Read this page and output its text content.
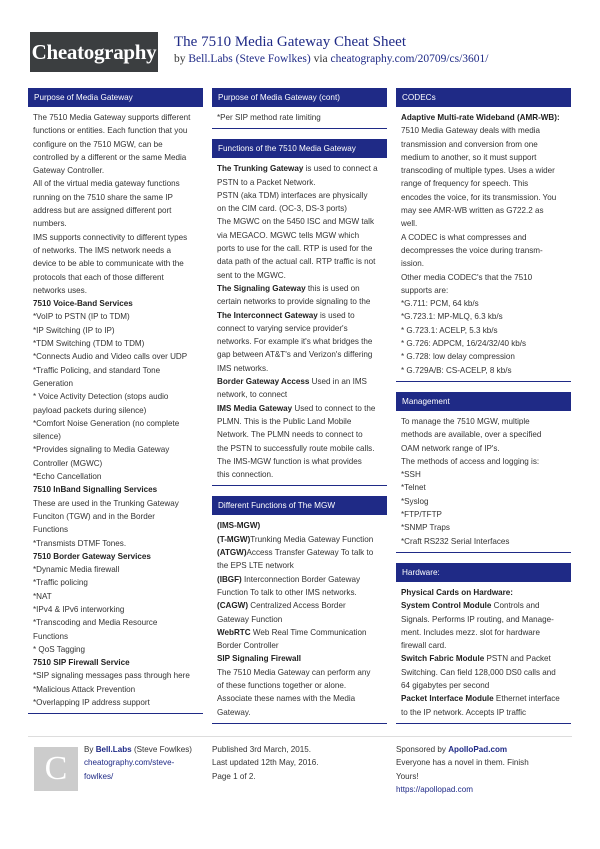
Cheatography The 7510 Media Gateway Cheat Sheet
by Bell.Labs (Steve Fowlkes) via cheatography.com/20709/cs/3601/
Purpose of Media Gateway
The 7510 Media Gateway supports different
functions or entities. Each function that you
configure on the 7510 MGW, can be
controlled by a different or the same Media
Gateway Controller.
All of the virtual media gateway functions
running on the 7510 share the same IP
address but are assigned different port
numbers.
IMS supports connectivity to different types
of networks. The IMS network needs a
device to be able to communicate with the
protocols that each of those different
networks uses.
7510 Voice-Band Services
*VoIP to PSTN (IP to TDM)
*IP Switching (IP to IP)
*TDM Switching (TDM to TDM)
*Connects Audio and Video calls over UDP
*Traffic Policing, and standard Tone
Generation
* Voice Activity Detection (stops audio
payload packets during silence)
*Comfort Noise Generation (no complete
silence)
*Provides signaling to Media Gateway
Controller (MGWC)
*Echo Cancellation
7510 InBand Signalling Services
These are used in the Trunking Gateway
Funciton (TGW) and in the Border
Functions
*Transmists DTMF Tones.
7510 Border Gateway Services
*Dynamic Media firewall
*Traffic policing
*NAT
*IPv4 & IPv6 interworking
*Transcoding and Media Resource
Functions
* QoS Tagging
7510 SIP Firewall Service
*SIP signaling messages pass through here
*Malicious Attack Prevention
*Overlapping IP address support
Purpose of Media Gateway (cont)
*Per SIP method rate limiting
Functions of the 7510 Media Gateway
The Trunking Gateway is used to connect a
PSTN to a Packet Network.
PSTN (aka TDM) interfaces are physically
on the CIM card. (OC-3, DS-3 ports)
The MGWC on the 5450 ISC and MGW talk
via MEGACO. MGWC tells MGW which
ports to use for the call. RTP is used for the
data path of the actual call. RTP traffic is not
sent to the MGWC.
The Signaling Gateway this is used on
certain networks to provide signaling to the
The Interconnect Gateway is used to
connect to varying service provider's
networks. For example it's what bridges the
gap between AT&T's and Verizon's differing
IMS networks.
Border Gateway Access Used in an IMS
network, to connect
IMS Media Gateway Used to connect to the
PLMN. This is the Public Land Mobile
Network. The PLMN needs to connect to
the PSTN to successfully route mobile calls.
The IMS-MGW function is what provides
this connection.
Different Functions of The MGW
(IMS-MGW)
(T-MGW)Trunking Media Gateway Function
(ATGW)Access Transfer Gateway To talk to
the EPS LTE network
(IBGF) Interconnection Border Gateway
Function To talk to other IMS networks.
(CAGW) Centralized Access Border
Gateway Function
WebRTC Web Real Time Communication
Border Controller
SIP Signaling Firewall
The 7510 Media Gateway can perform any
of these functions together or alone.
Associate these names with the Media
Gateway.
CODECs
Adaptive Multi-rate Wideband (AMR-WB):
7510 Media Gateway deals with media
transmission and conversion from one
medium to another, so it must support
transcoding of multiple types. Uses a wider
range of frequency for speech. This
encodes the voice, for its transmission. You
may see AMR-WB written as G722.2 as
well.
A CODEC is what compresses and
decompresses the voice during transm-
ission.
Other media CODEC's that the 7510
supports are:
*G.711: PCM, 64 kb/s
*G.723.1: MP-MLQ, 6.3 kb/s
* G.723.1: ACELP, 5.3 kb/s
* G.726: ADPCM, 16/24/32/40 kb/s
* G.728: low delay compression
* G.729A/B: CS-ACELP, 8 kb/s
Management
To manage the 7510 MGW, multiple
methods are available, over a specified
OAM network range of IP's.
The methods of access and logging is:
*SSH
*Telnet
*Syslog
*FTP/TFTP
*SNMP Traps
*Craft RS232 Serial Interfaces
Hardware:
Physical Cards on Hardware:
System Control Module Controls and
Signals. Performs IP routing, and Manage-
ment. Includes mezz. slot for hardware
firewall card.
Switch Fabric Module PSTN and Packet
Switching. Can field 128,000 DS0 calls and
64 gigabytes per second
Packet Interface Module Ethernet interface
to the IP network. Accepts IP traffic
C
By Bell.Labs (Steve Fowlkes)
cheatography.com/steve-
fowlkes/
Published 3rd March, 2015.
Last updated 12th May, 2016.
Page 1 of 2.
Sponsored by ApolloPad.com
Everyone has a novel in them. Finish
Yours!
https://apollopad.com
